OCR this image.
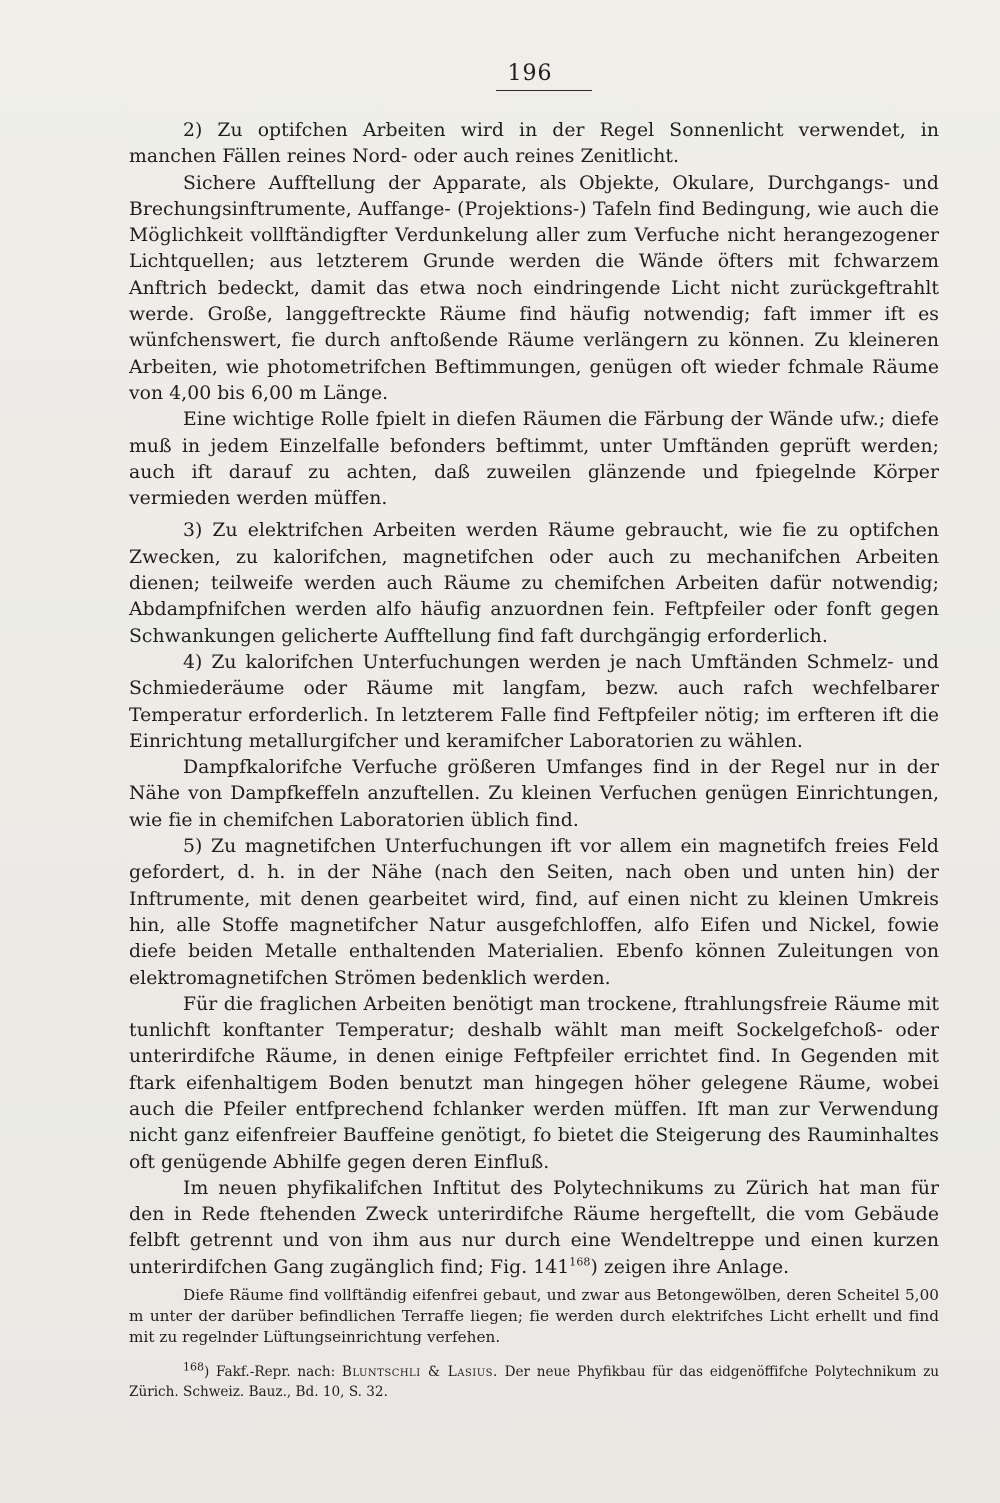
196

2) Zu optifchen Arbeiten wird in der Regel Sonnenlicht verwendet, in manchen Fällen reines Nord- oder auch reines Zenitlicht.

Sichere Aufftellung der Apparate, als Objekte, Okulare, Durchgangs- und Brechungsinftrumente, Auffange- (Projektions-) Tafeln find Bedingung, wie auch die Möglichkeit vollftändigfter Verdunkelung aller zum Verfuche nicht herangezogener Lichtquellen; aus letzterem Grunde werden die Wände öfters mit fchwarzem Anftrich bedeckt, damit das etwa noch eindringende Licht nicht zurückgeftrahlt werde. Große, langgeftreckte Räume find häufig notwendig; faft immer ift es wünfchenswert, fie durch anftoßende Räume verlängern zu können. Zu kleineren Arbeiten, wie photometrifchen Beftimmungen, genügen oft wieder fchmale Räume von 4,00 bis 6,00 m Länge.

Eine wichtige Rolle fpielt in diefen Räumen die Färbung der Wände ufw.; diefe muß in jedem Einzelfalle befonders beftimmt, unter Umftänden geprüft werden; auch ift darauf zu achten, daß zuweilen glänzende und fpiegelnde Körper vermieden werden müffen.

3) Zu elektrifchen Arbeiten werden Räume gebraucht, wie fie zu optifchen Zwecken, zu kalorifchen, magnetifchen oder auch zu mechanifchen Arbeiten dienen; teilweife werden auch Räume zu chemifchen Arbeiten dafür notwendig; Abdampfnifchen werden alfo häufig anzuordnen fein. Feftpfeiler oder fonft gegen Schwankungen gelicherte Aufftellung find faft durchgängig erforderlich.

4) Zu kalorifchen Unterfuchungen werden je nach Umftänden Schmelz- und Schmiederäume oder Räume mit langfam, bezw. auch rafch wechfelbarer Temperatur erforderlich. In letzterem Falle find Feftpfeiler nötig; im erfteren ift die Einrichtung metallurgifcher und keramifcher Laboratorien zu wählen.

Dampfkalorifche Verfuche größeren Umfanges find in der Regel nur in der Nähe von Dampfkeffeln anzuftellen. Zu kleinen Verfuchen genügen Einrichtungen, wie fie in chemifchen Laboratorien üblich find.

5) Zu magnetifchen Unterfuchungen ift vor allem ein magnetifch freies Feld gefordert, d. h. in der Nähe (nach den Seiten, nach oben und unten hin) der Inftrumente, mit denen gearbeitet wird, find, auf einen nicht zu kleinen Umkreis hin, alle Stoffe magnetifcher Natur ausgefchloffen, alfo Eifen und Nickel, fowie diefe beiden Metalle enthaltenden Materialien. Ebenfo können Zuleitungen von elektromagnetifchen Strömen bedenklich werden.

Für die fraglichen Arbeiten benötigt man trockene, ftrahlungsfreie Räume mit tunlichft konftanter Temperatur; deshalb wählt man meift Sockelgefchoß- oder unterirdifche Räume, in denen einige Feftpfeiler errichtet find. In Gegenden mit ftark eifenhaltigem Boden benutzt man hingegen höher gelegene Räume, wobei auch die Pfeiler entfprechend fchlanker werden müffen. Ift man zur Verwendung nicht ganz eifenfreier Bauffeine genötigt, fo bietet die Steigerung des Rauminhaltes oft genügende Abhilfe gegen deren Einfluß.

Im neuen phyfikalifchen Inftitut des Polytechnikums zu Zürich hat man für den in Rede ftehenden Zweck unterirdifche Räume hergeftellt, die vom Gebäude felbft getrennt und von ihm aus nur durch eine Wendeltreppe und einen kurzen unterirdifchen Gang zugänglich find; Fig. $141^{168}$) zeigen ihre Anlage.

Diefe Räume find vollftändig eifenfrei gebaut, und zwar aus Betongewölben, deren Scheitel 5,00 m unter der darüber befindlichen Terraffe liegen; fie werden durch elektrifches Licht erhellt und find mit zu regelnder Lüftungseinrichtung verfehen.

$^{168}$) Fakf.-Repr. nach: Bluntschli & Lasius. Der neue Phyfikbau für das eidgenöffifche Polytechnikum zu Zürich. Schweiz. Bauz., Bd. 10, S. 32.
